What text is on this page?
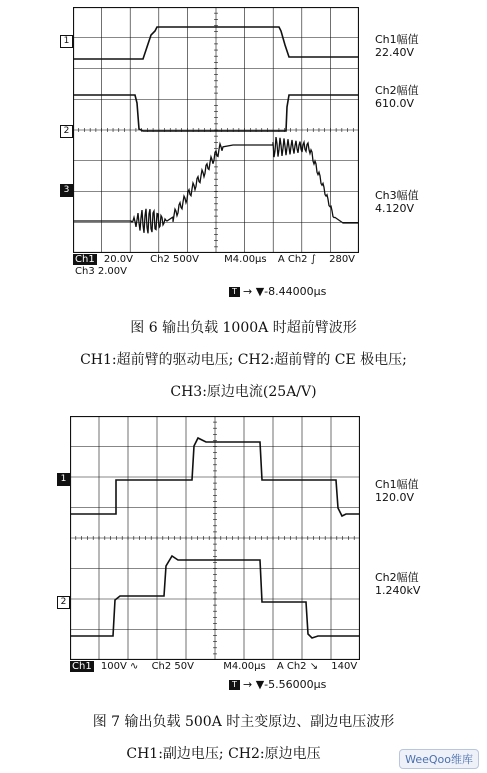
1
2
3
Ch1幅值
22.40V
Ch2幅值
610.0V
Ch3幅值
4.120V
Ch1 20.0V Ch2 500V	M4.00μs A Ch2 ∫ 280V
Ch3 2.00V
T → ▼-8.44000μs
图 6 输出负载 1000A 时超前臂波形
CH1:超前臂的驱动电压; CH2:超前臂的 CE 极电压;
CH3:原边电流(25A/V)
1
2
Ch1幅值
120.0V
Ch2幅值
1.240kV
Ch1 100V ∿ Ch2 50V	M4.00μs A Ch2 ↘ 140V
T → ▼-5.56000μs
图 7 输出负载 500A 时主变原边、副边电压波形
CH1:副边电压; CH2:原边电压	WeeQoo维库
